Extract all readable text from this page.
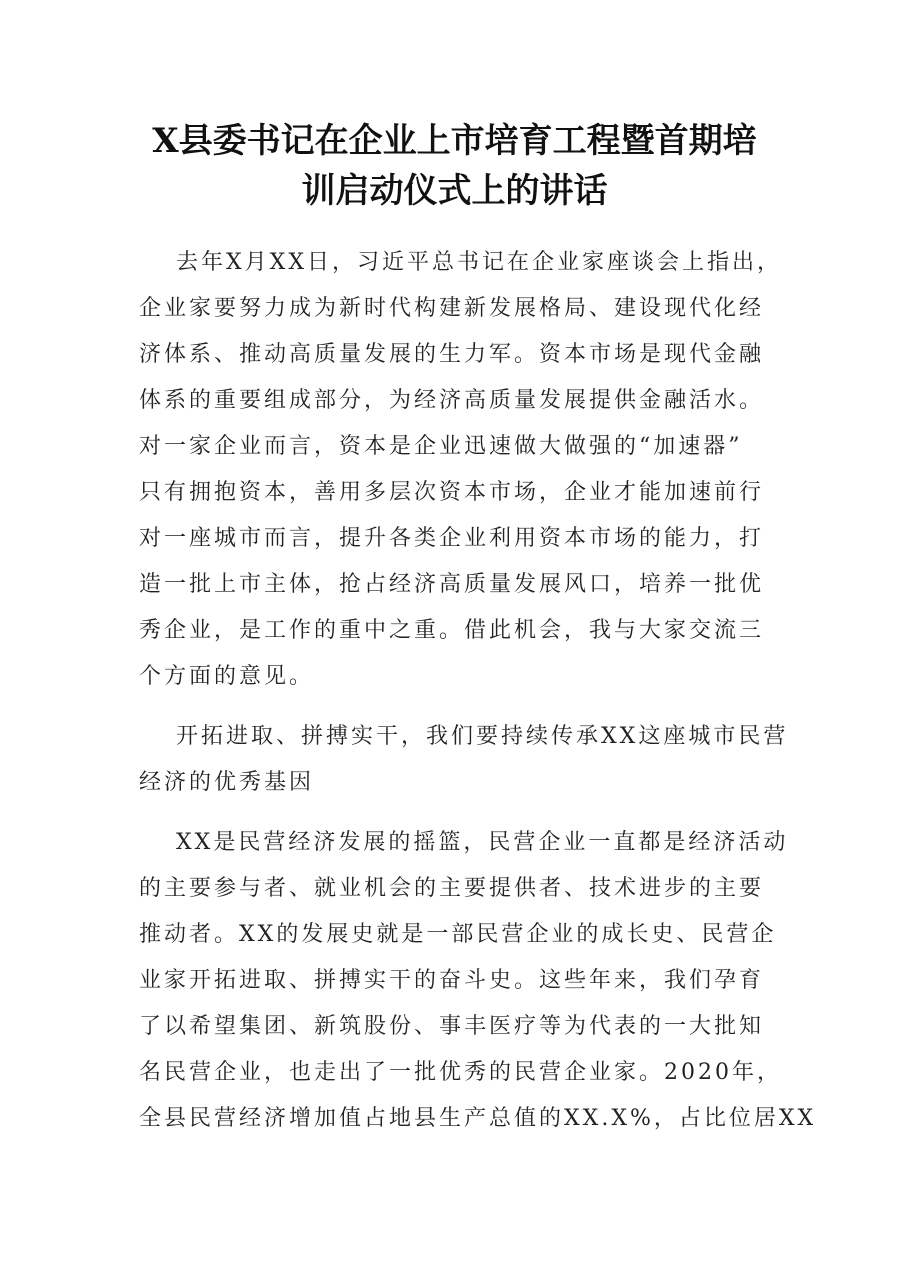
X县委书记在企业上市培育工程暨首期培
训启动仪式上的讲话
去年X月XX日，习近平总书记在企业家座谈会上指出，
企业家要努力成为新时代构建新发展格局、建设现代化经
济体系、推动高质量发展的生力军。资本市场是现代金融
体系的重要组成部分，为经济高质量发展提供金融活水。
对一家企业而言，资本是企业迅速做大做强的“加速器”
只有拥抱资本，善用多层次资本市场，企业才能加速前行
对一座城市而言，提升各类企业利用资本市场的能力，打
造一批上市主体，抢占经济高质量发展风口，培养一批优
秀企业，是工作的重中之重。借此机会，我与大家交流三
个方面的意见。
开拓进取、拼搏实干，我们要持续传承XX这座城市民营
经济的优秀基因
XX是民营经济发展的摇篮，民营企业一直都是经济活动
的主要参与者、就业机会的主要提供者、技术进步的主要
推动者。XX的发展史就是一部民营企业的成长史、民营企
业家开拓进取、拼搏实干的奋斗史。这些年来，我们孕育
了以希望集团、新筑股份、事丰医疗等为代表的一大批知
名民营企业，也走出了一批优秀的民营企业家。2020年，
全县民营经济增加值占地县生产总值的XX.X%，占比位居XX
